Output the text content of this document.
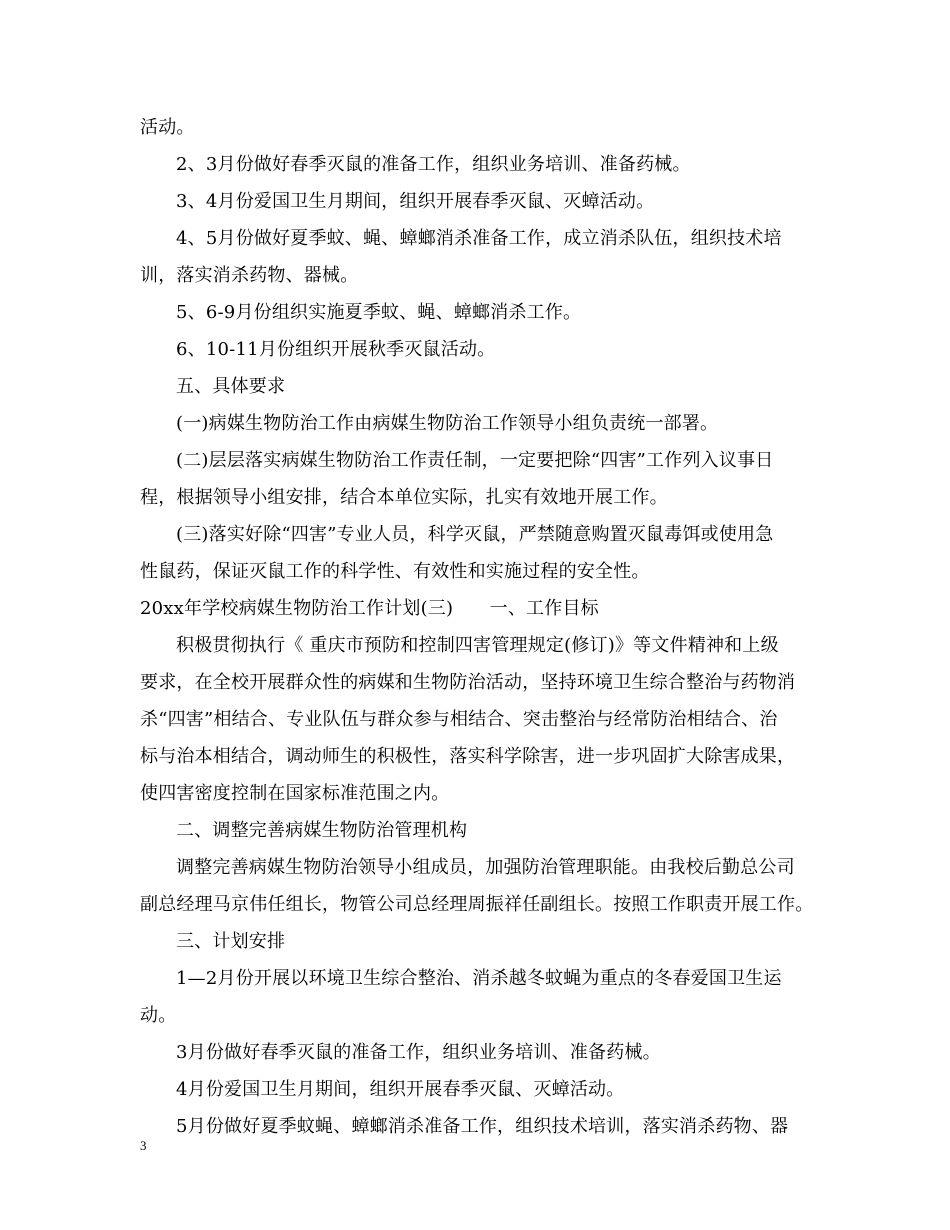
活动。
2、3月份做好春季灭鼠的准备工作，组织业务培训、准备药械。
3、4月份爱国卫生月期间，组织开展春季灭鼠、灭蟑活动。
4、5月份做好夏季蚊、蝇、蟑螂消杀准备工作，成立消杀队伍，组织技术培
训，落实消杀药物、器械。
5、6-9月份组织实施夏季蚊、蝇、蟑螂消杀工作。
6、10-11月份组织开展秋季灭鼠活动。
五、具体要求
(一)病媒生物防治工作由病媒生物防治工作领导小组负责统一部署。
(二)层层落实病媒生物防治工作责任制，一定要把除“四害”工作列入议事日
程，根据领导小组安排，结合本单位实际，扎实有效地开展工作。
(三)落实好除“四害”专业人员，科学灭鼠，严禁随意购置灭鼠毒饵或使用急
性鼠药，保证灭鼠工作的科学性、有效性和实施过程的安全性。
20xx年学校病媒生物防治工作计划(三)　　一、工作目标
积极贯彻执行《 重庆市预防和控制四害管理规定(修订)》等文件精神和上级
要求，在全校开展群众性的病媒和生物防治活动，坚持环境卫生综合整治与药物消
杀“四害”相结合、专业队伍与群众参与相结合、突击整治与经常防治相结合、治
标与治本相结合，调动师生的积极性，落实科学除害，进一步巩固扩大除害成果，
使四害密度控制在国家标准范围之内。
二、调整完善病媒生物防治管理机构
调整完善病媒生物防治领导小组成员，加强防治管理职能。由我校后勤总公司
副总经理马京伟任组长，物管公司总经理周振祥任副组长。按照工作职责开展工作。
三、计划安排
1—2月份开展以环境卫生综合整治、消杀越冬蚊蝇为重点的冬春爱国卫生运
动。
3月份做好春季灭鼠的准备工作，组织业务培训、准备药械。
4月份爱国卫生月期间，组织开展春季灭鼠、灭蟑活动。
5月份做好夏季蚊蝇、蟑螂消杀准备工作，组织技术培训，落实消杀药物、器
3
